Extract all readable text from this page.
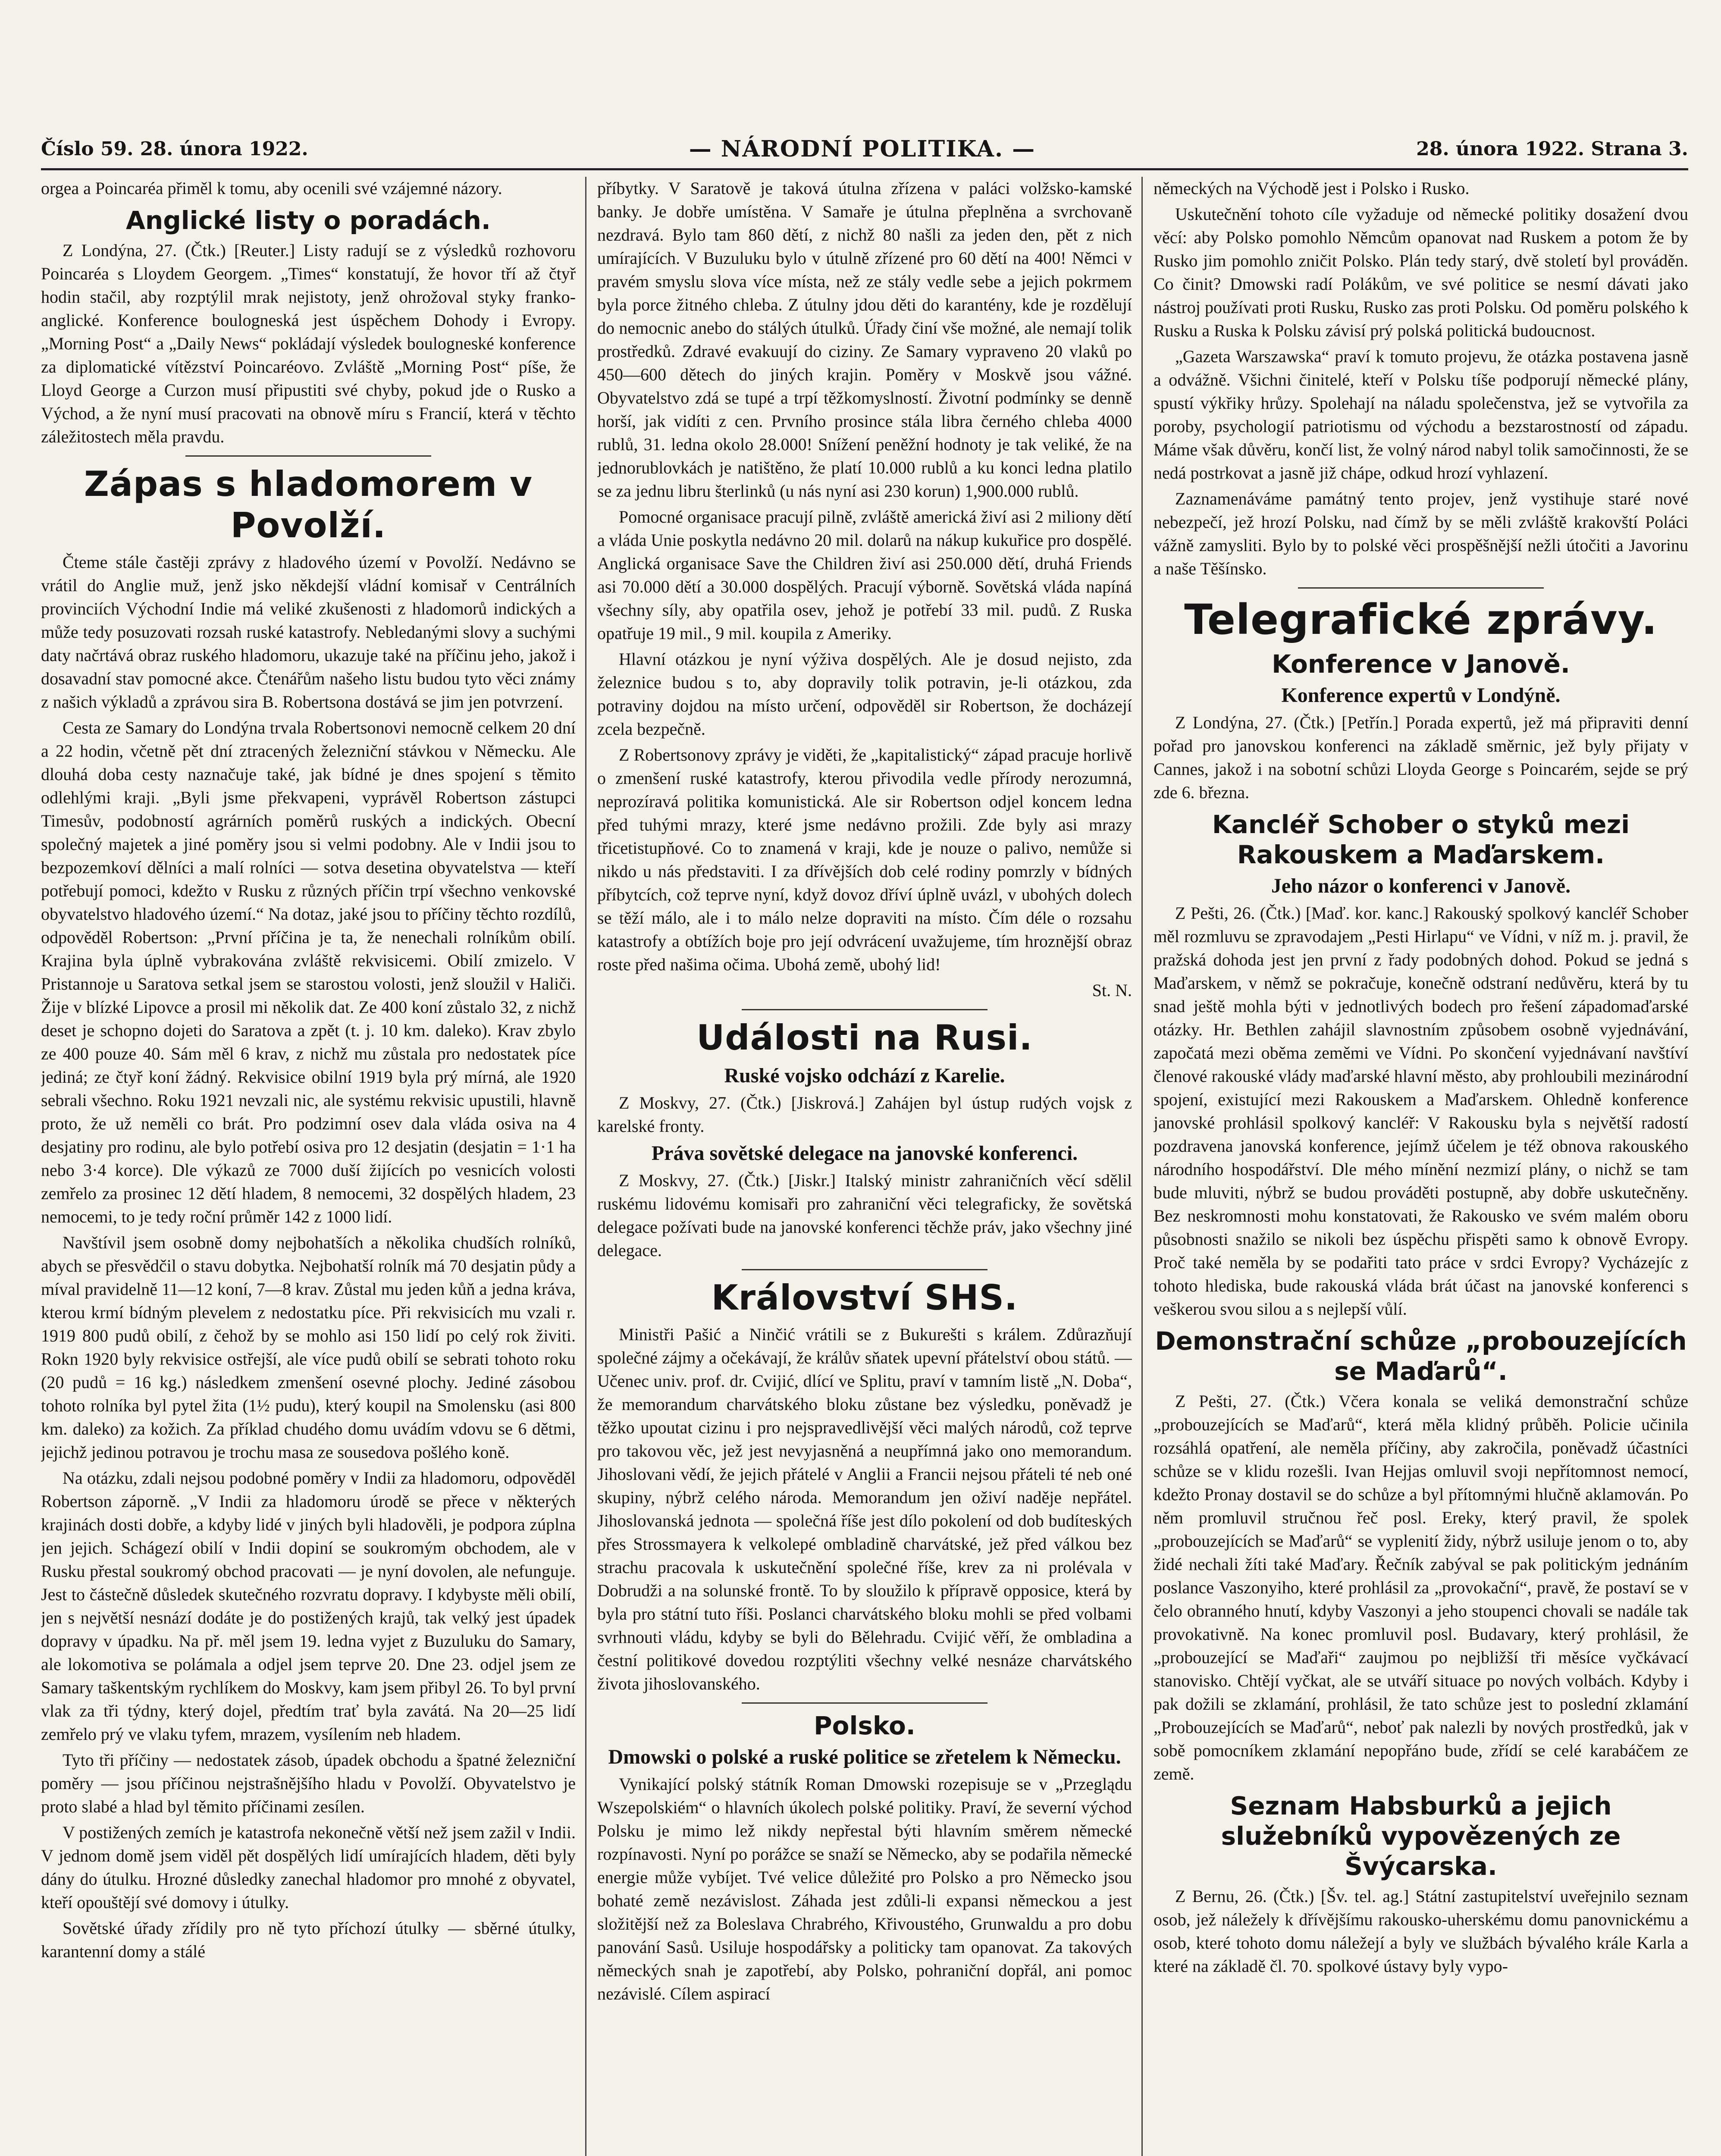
Číslo 59. 28. února 1922.	— NÁRODNÍ POLITIKA. —	28. února 1922. Strana 3.

orgea a Poincaréa přiměl k tomu, aby ocenili své vzájemné názory.

Anglické listy o poradách.

Z Londýna, 27. (Čtk.) [Reuter.] Listy radují se z výsledků rozhovoru Poincaréa s Lloydem Georgem. „Times“ konstatují, že hovor tří až čtyř hodin stačil, aby rozptýlil mrak nejistoty, jenž ohrožoval styky franko-anglické. Konference boulogneská jest úspěchem Dohody i Evropy. „Morning Post“ a „Daily News“ pokládají výsledek boulogneské konference za diplomatické vítězství Poincaréovo. Zvláště „Morning Post“ píše, že Lloyd George a Curzon musí připustiti své chyby, pokud jde o Rusko a Východ, a že nyní musí pracovati na obnově míru s Francií, která v těchto záležitostech měla pravdu.

Zápas s hladomorem v Povolží.

Čteme stále častěji zprávy z hladového území v Povolží. Nedávno se vrátil do Anglie muž, jenž jsko někdejší vládní komisař v Centrálních provinciích Východní Indie má veliké zkušenosti z hladomorů indických a může tedy posuzovati rozsah ruské katastrofy. Nebledanými slovy a suchými daty načrtává obraz ruského hladomoru, ukazuje také na příčinu jeho, jakož i dosavadní stav pomocné akce. Čtenářům našeho listu budou tyto věci známy z našich výkladů a zprávou sira B. Robertsona dostává se jim jen potvrzení.

Cesta ze Samary do Londýna trvala Robertsonovi nemocně celkem 20 dní a 22 hodin, včetně pět dní ztracených železniční stávkou v Německu. Ale dlouhá doba cesty naznačuje také, jak bídné je dnes spojení s těmito odlehlými kraji. „Byli jsme překvapeni, vyprávěl Robertson zástupci Timesův, podobností agrárních poměrů ruských a indických. Obecní společný majetek a jiné poměry jsou si velmi podobny. Ale v Indii jsou to bezpozemkoví dělníci a malí rolníci — sotva desetina obyvatelstva — kteří potřebují pomoci, kdežto v Rusku z různých příčin trpí všechno venkovské obyvatelstvo hladového území.“ Na dotaz, jaké jsou to příčiny těchto rozdílů, odpověděl Robertson: „První příčina je ta, že nenechali rolníkům obilí. Krajina byla úplně vybrakována zvláště rekvisicemi. Obilí zmizelo. V Pristannoje u Saratova setkal jsem se starostou volosti, jenž sloužil v Haliči. Žije v blízké Lipovce a prosil mi několik dat. Ze 400 koní zůstalo 32, z nichž deset je schopno dojeti do Saratova a zpět (t. j. 10 km. daleko). Krav zbylo ze 400 pouze 40. Sám měl 6 krav, z nichž mu zůstala pro nedostatek píce jediná; ze čtyř koní žádný. Rekvisice obilní 1919 byla prý mírná, ale 1920 sebrali všechno. Roku 1921 nevzali nic, ale systému rekvisic upustili, hlavně proto, že už neměli co brát. Pro podzimní osev dala vláda osiva na 4 desjatiny pro rodinu, ale bylo potřebí osiva pro 12 desjatin (desjatin = 1·1 ha nebo 3·4 korce). Dle výkazů ze 7000 duší žijících po vesnicích volosti zemřelo za prosinec 12 dětí hladem, 8 nemocemi, 32 dospělých hladem, 23 nemocemi, to je tedy roční průměr 142 z 1000 lidí.

Navštívil jsem osobně domy nejbohatších a několika chudších rolníků, abych se přesvědčil o stavu dobytka. Nejbohatší rolník má 70 desjatin půdy a míval pravidelně 11—12 koní, 7—8 krav. Zůstal mu jeden kůň a jedna kráva, kterou krmí bídným plevelem z nedostatku píce. Při rekvisicích mu vzali r. 1919 800 pudů obilí, z čehož by se mohlo asi 150 lidí po celý rok živiti. Rokn 1920 byly rekvisice ostřejší, ale více pudů obilí se sebrati tohoto roku (20 pudů = 16 kg.) následkem zmenšení osevné plochy. Jediné zásobou tohoto rolníka byl pytel žita (1½ pudu), který koupil na Smolensku (asi 800 km. daleko) za kožich. Za příklad chudého domu uvádím vdovu se 6 dětmi, jejichž jedinou potravou je trochu masa ze sousedova pošlého koně.

Na otázku, zdali nejsou podobné poměry v Indii za hladomoru, odpověděl Robertson záporně. „V Indii za hladomoru úrodě se přece v některých krajinách dosti dobře, a kdyby lidé v jiných byli hladověli, je podpora zúplna jen jejich. Schágezí obilí v Indii dopiní se soukromým obchodem, ale v Rusku přestal soukromý obchod pracovati — je nyní dovolen, ale nefunguje. Jest to částečně důsledek skutečného rozvratu dopravy. I kdybyste měli obilí, jen s největší nesnází dodáte je do postižených krajů, tak velký jest úpadek dopravy v úpadku. Na př. měl jsem 19. ledna vyjet z Buzuluku do Samary, ale lokomotiva se polámala a odjel jsem teprve 20. Dne 23. odjel jsem ze Samary taškentským rychlíkem do Moskvy, kam jsem přibyl 26. To byl první vlak za tři týdny, který dojel, předtím trať byla zavátá. Na 20—25 lidí zemřelo prý ve vlaku tyfem, mrazem, vysílením neb hladem.

Tyto tři příčiny — nedostatek zásob, úpadek obchodu a špatné železniční poměry — jsou příčinou nejstrašnějšího hladu v Povolží. Obyvatelstvo je proto slabé a hlad byl těmito příčinami zesílen.

V postižených zemích je katastrofa nekonečně větší než jsem zažil v Indii. V jednom domě jsem viděl pět dospělých lidí umírajících hladem, děti byly dány do útulku. Hrozné důsledky zanechal hladomor pro mnohé z obyvatel, kteří opouštějí své domovy i útulky.

Sovětské úřady zřídily pro ně tyto příchozí útulky — sběrné útulky, karantenní domy a stálé

příbytky. V Saratově je taková útulna zřízena v paláci volžsko-kamské banky. Je dobře umístěna. V Samaře je útulna přeplněna a svrchovaně nezdravá. Bylo tam 860 dětí, z nichž 80 našli za jeden den, pět z nich umírajících. V Buzuluku bylo v útulně zřízené pro 60 dětí na 400! Němci v pravém smyslu slova více místa, než ze stály vedle sebe a jejich pokrmem byla porce žitného chleba. Z útulny jdou děti do karantény, kde je rozdělují do nemocnic anebo do stálých útulků. Úřady činí vše možné, ale nemají tolik prostředků. Zdravé evakuují do ciziny. Ze Samary vypraveno 20 vlaků po 450—600 dětech do jiných krajin. Poměry v Moskvě jsou vážné. Obyvatelstvo zdá se tupé a trpí těžkomyslností. Životní podmínky se denně horší, jak vidíti z cen. Prvního prosince stála libra černého chleba 4000 rublů, 31. ledna okolo 28.000! Snížení peněžní hodnoty je tak veliké, že na jednorublovkách je natištěno, že platí 10.000 rublů a ku konci ledna platilo se za jednu libru šterlinků (u nás nyní asi 230 korun) 1,900.000 rublů.

Pomocné organisace pracují pilně, zvláště americká živí asi 2 miliony dětí a vláda Unie poskytla nedávno 20 mil. dolarů na nákup kukuřice pro dospělé. Anglická organisace Save the Children živí asi 250.000 dětí, druhá Friends asi 70.000 dětí a 30.000 dospělých. Pracují výborně. Sovětská vláda napíná všechny síly, aby opatřila osev, jehož je potřebí 33 mil. pudů. Z Ruska opatřuje 19 mil., 9 mil. koupila z Ameriky.

Hlavní otázkou je nyní výživa dospělých. Ale je dosud nejisto, zda železnice budou s to, aby dopravily tolik potravin, je-li otázkou, zda potraviny dojdou na místo určení, odpověděl sir Robertson, že docházejí zcela bezpečně.

Z Robertsonovy zprávy je viděti, že „kapitalistický“ západ pracuje horlivě o zmenšení ruské katastrofy, kterou přivodila vedle přírody nerozumná, neprozíravá politika komunistická. Ale sir Robertson odjel koncem ledna před tuhými mrazy, které jsme nedávno prožili. Zde byly asi mrazy třicetistupňové. Co to znamená v kraji, kde je nouze o palivo, nemůže si nikdo u nás představiti. I za dřívějších dob celé rodiny pomrzly v bídných příbytcích, což teprve nyní, když dovoz dříví úplně uvázl, v ubohých dolech se těží málo, ale i to málo nelze dopraviti na místo. Čím déle o rozsahu katastrofy a obtížích boje pro její odvrácení uvažujeme, tím hroznější obraz roste před našima očima. Ubohá země, ubohý lid!

St. N.
Události na Rusi.
Ruské vojsko odchází z Karelie.

Z Moskvy, 27. (Čtk.) [Jiskrová.] Zahájen byl ústup rudých vojsk z karelské fronty.

Práva sovětské delegace na janovské konferenci.

Z Moskvy, 27. (Čtk.) [Jiskr.] Italský ministr zahraničních věcí sdělil ruskému lidovému komisaři pro zahraniční věci telegraficky, že sovětská delegace požívati bude na janovské konferenci těchže práv, jako všechny jiné delegace.

Království SHS.

Ministři Pašić a Ninčić vrátili se z Bukurešti s králem. Zdůrazňují společné zájmy a očekávají, že králův sňatek upevní přátelství obou států. — Učenec univ. prof. dr. Cvijić, dlící ve Splitu, praví v tamním listě „N. Doba“, že memorandum charvátského bloku zůstane bez výsledku, poněvadž je těžko upoutat cizinu i pro nejspravedlivější věci malých národů, což teprve pro takovou věc, jež jest nevyjasněná a neupřímná jako ono memorandum. Jihoslovani vědí, že jejich přátelé v Anglii a Francii nejsou přáteli té neb oné skupiny, nýbrž celého národa. Memorandum jen oživí naděje nepřátel. Jihoslovanská jednota — společná říše jest dílo pokolení od dob budíteských přes Strossmayera k velkolepé ombladině charvátské, jež před válkou bez strachu pracovala k uskutečnění společné říše, krev za ni prolévala v Dobrudži a na solunské frontě. To by sloužilo k přípravě opposice, která by byla pro státní tuto říši. Poslanci charvátského bloku mohli se před volbami svrhnouti vládu, kdyby se byli do Bělehradu. Cvijić věří, že ombladina a čestní politikové dovedou rozptýliti všechny velké nesnáze charvátského života jihoslovanského.

Polsko.
Dmowski o polské a ruské politice se zřetelem k Německu.

Vynikající polský státník Roman Dmowski rozepisuje se v „Przeglądu Wszepolskiém“ o hlavních úkolech polské politiky. Praví, že severní východ Polsku je mimo lež nikdy nepřestal býti hlavním směrem německé rozpínavosti. Nyní po porážce se snaží se Německo, aby se podařila německé energie může vybíjet. Tvé velice důležité pro Polsko a pro Německo jsou bohaté země nezávislost. Záhada jest zdůli-li expansi německou a jest složitější než za Boleslava Chrabrého, Křivoustého, Grunwaldu a pro dobu panování Sasů. Usiluje hospodářsky a politicky tam opanovat. Za takových německých snah je zapotřebí, aby Polsko, pohraniční dopřál, ani pomoc nezávislé. Cílem aspirací

německých na Východě jest i Polsko i Rusko.

Uskutečnění tohoto cíle vyžaduje od německé politiky dosažení dvou věcí: aby Polsko pomohlo Němcům opanovat nad Ruskem a potom že by Rusko jim pomohlo zničit Polsko. Plán tedy starý, dvě století byl prováděn. Co činit? Dmowski radí Polákům, ve své politice se nesmí dávati jako nástroj používati proti Rusku, Rusko zas proti Polsku. Od poměru polského k Rusku a Ruska k Polsku závisí prý polská politická budoucnost.

„Gazeta Warszawska“ praví k tomuto projevu, že otázka postavena jasně a odvážně. Všichni činitelé, kteří v Polsku tíše podporují německé plány, spustí výkřiky hrůzy. Spolehají na náladu společenstva, jež se vytvořila za poroby, psychologií patriotismu od východu a bezstarostností od západu. Máme však důvěru, končí list, že volný národ nabyl tolik samočinnosti, že se nedá postrkovat a jasně již chápe, odkud hrozí vyhlazení.

Zaznamenáváme památný tento projev, jenž vystihuje staré nové nebezpečí, jež hrozí Polsku, nad čímž by se měli zvláště krakovští Poláci vážně zamysliti. Bylo by to polské věci prospěšnější nežli útočiti a Javorinu a naše Těšínsko.

Telegrafické zprávy.
Konference v Janově.
Konference expertů v Londýně.

Z Londýna, 27. (Čtk.) [Petřín.] Porada expertů, jež má připraviti denní pořad pro janovskou konferenci na základě směrnic, jež byly přijaty v Cannes, jakož i na sobotní schůzi Lloyda George s Poincarém, sejde se prý zde 6. března.

Kancléř Schober o styků mezi Rakouskem a Maďarskem.
Jeho názor o konferenci v Janově.

Z Pešti, 26. (Čtk.) [Maď. kor. kanc.] Rakouský spolkový kancléř Schober měl rozmluvu se zpravodajem „Pesti Hirlapu“ ve Vídni, v níž m. j. pravil, že pražská dohoda jest jen první z řady podobných dohod. Pokud se jedná s Maďarskem, v němž se pokračuje, konečně odstraní nedůvěru, která by tu snad ještě mohla býti v jednotlivých bodech pro řešení západomaďarské otázky. Hr. Bethlen zahájil slavnostním způsobem osobně vyjednávání, započatá mezi oběma zeměmi ve Vídni. Po skončení vyjednávaní navštíví členové rakouské vlády maďarské hlavní město, aby prohloubili mezinárodní spojení, existující mezi Rakouskem a Maďarskem. Ohledně konference janovské prohlásil spolkový kancléř: V Rakousku byla s největší radostí pozdravena janovská konference, jejímž účelem je též obnova rakouského národního hospodářství. Dle mého mínění nezmizí plány, o nichž se tam bude mluviti, nýbrž se budou prováděti postupně, aby dobře uskutečněny. Bez neskromnosti mohu konstatovati, že Rakousko ve svém malém oboru působnosti snažilo se nikoli bez úspěchu přispěti samo k obnově Evropy. Proč také neměla by se podařiti tato práce v srdci Evropy? Vycházejíc z tohoto hlediska, bude rakouská vláda brát účast na janovské konferenci s veškerou svou silou a s nejlepší vůlí.

Demonstrační schůze „probouzejících se Maďarů“.

Z Pešti, 27. (Čtk.) Včera konala se veliká demonstrační schůze „probouzejících se Maďarů“, která měla klidný průběh. Policie učinila rozsáhlá opatření, ale neměla příčiny, aby zakročila, poněvadž účastníci schůze se v klidu rozešli. Ivan Hejjas omluvil svoji nepřítomnost nemocí, kdežto Pronay dostavil se do schůze a byl přítomnými hlučně aklamován. Po něm promluvil stručnou řeč posl. Ereky, který pravil, že spolek „probouzejících se Maďarů“ se vyplenití židy, nýbrž usiluje jenom o to, aby židé nechali žíti také Maďary. Řečník zabýval se pak politickým jednáním poslance Vaszonyiho, které prohlásil za „provokační“, pravě, že postaví se v čelo obranného hnutí, kdyby Vaszonyi a jeho stoupenci chovali se nadále tak provokativně. Na konec promluvil posl. Budavary, který prohlásil, že „probouzející se Maďaři“ zaujmou po nejbližší tři měsíce vyčkávací stanovisko. Chtějí vyčkat, ale se utváří situace po nových volbách. Kdyby i pak dožili se zklamání, prohlásil, že tato schůze jest to poslední zklamání „Probouzejících se Maďarů“, neboť pak nalezli by nových prostředků, jak v sobě pomocníkem zklamání nepopřáno bude, zřídí se celé karabáčem ze země.

Seznam Habsburků a jejich služebníků vypovězených ze Švýcarska.

Z Bernu, 26. (Čtk.) [Šv. tel. ag.] Státní zastupitelství uveřejnilo seznam osob, jež náležely k dřívějšímu rakousko-uherskému domu panovnickému a osob, které tohoto domu náležejí a byly ve službách bývalého krále Karla a které na základě čl. 70. spolkové ústavy byly vypo-
